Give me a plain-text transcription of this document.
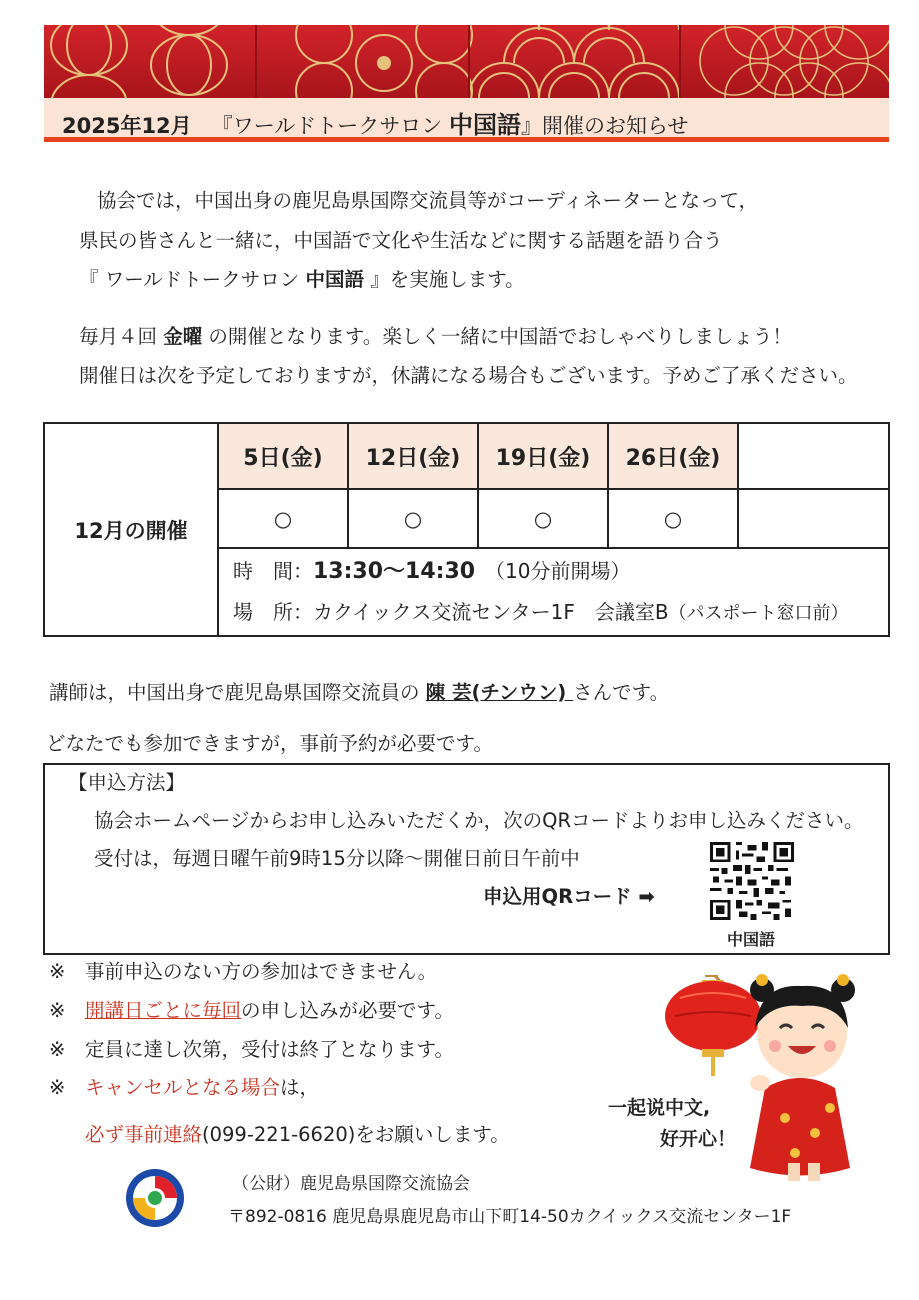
2025年12月 『ワールドトークサロン 中国語』開催のお知らせ
協会では，中国出身の鹿児島県国際交流員等がコーディネーターとなって，
県民の皆さんと一緒に，中国語で文化や生活などに関する話題を語り合う
『 ワールドトークサロン 中国語 』を実施します。
毎月４回 金曜 の開催となります。楽しく一緒に中国語でおしゃべりしましょう！
開催日は次を予定しておりますが，休講になる場合もございます。予めご了承ください。
12月の開催	5日(金)	12日(金)	19日(金)	26日(金)	
	○	○	○	○	

	時　間：13:30〜14:30　（10分前開場）
場　所：カクイックス交流センター1F　会議室B（パスポート窓口前）				
講師は，中国出身で鹿児島県国際交流員の 陳 芸(チンウン) さんです。
どなたでも参加できますが，事前予約が必要です。
【申込方法】
協会ホームページからお申し込みいただくか，次のQRコードよりお申し込みください。
受付は，毎週日曜午前9時15分以降〜開催日前日午前中
申込用QRコード ➡
中国語
※ 事前申込のない方の参加はできません。
※ 開講日ごとに毎回の申し込みが必要です。
※ 定員に達し次第，受付は終了となります。
※ キャンセルとなる場合は，
必ず事前連絡(099-221-6620)をお願いします。
一起说中文,
好开心！
（公財）鹿児島県国際交流協会
〒892-0816 鹿児島県鹿児島市山下町14-50カクイックス交流センター1F
